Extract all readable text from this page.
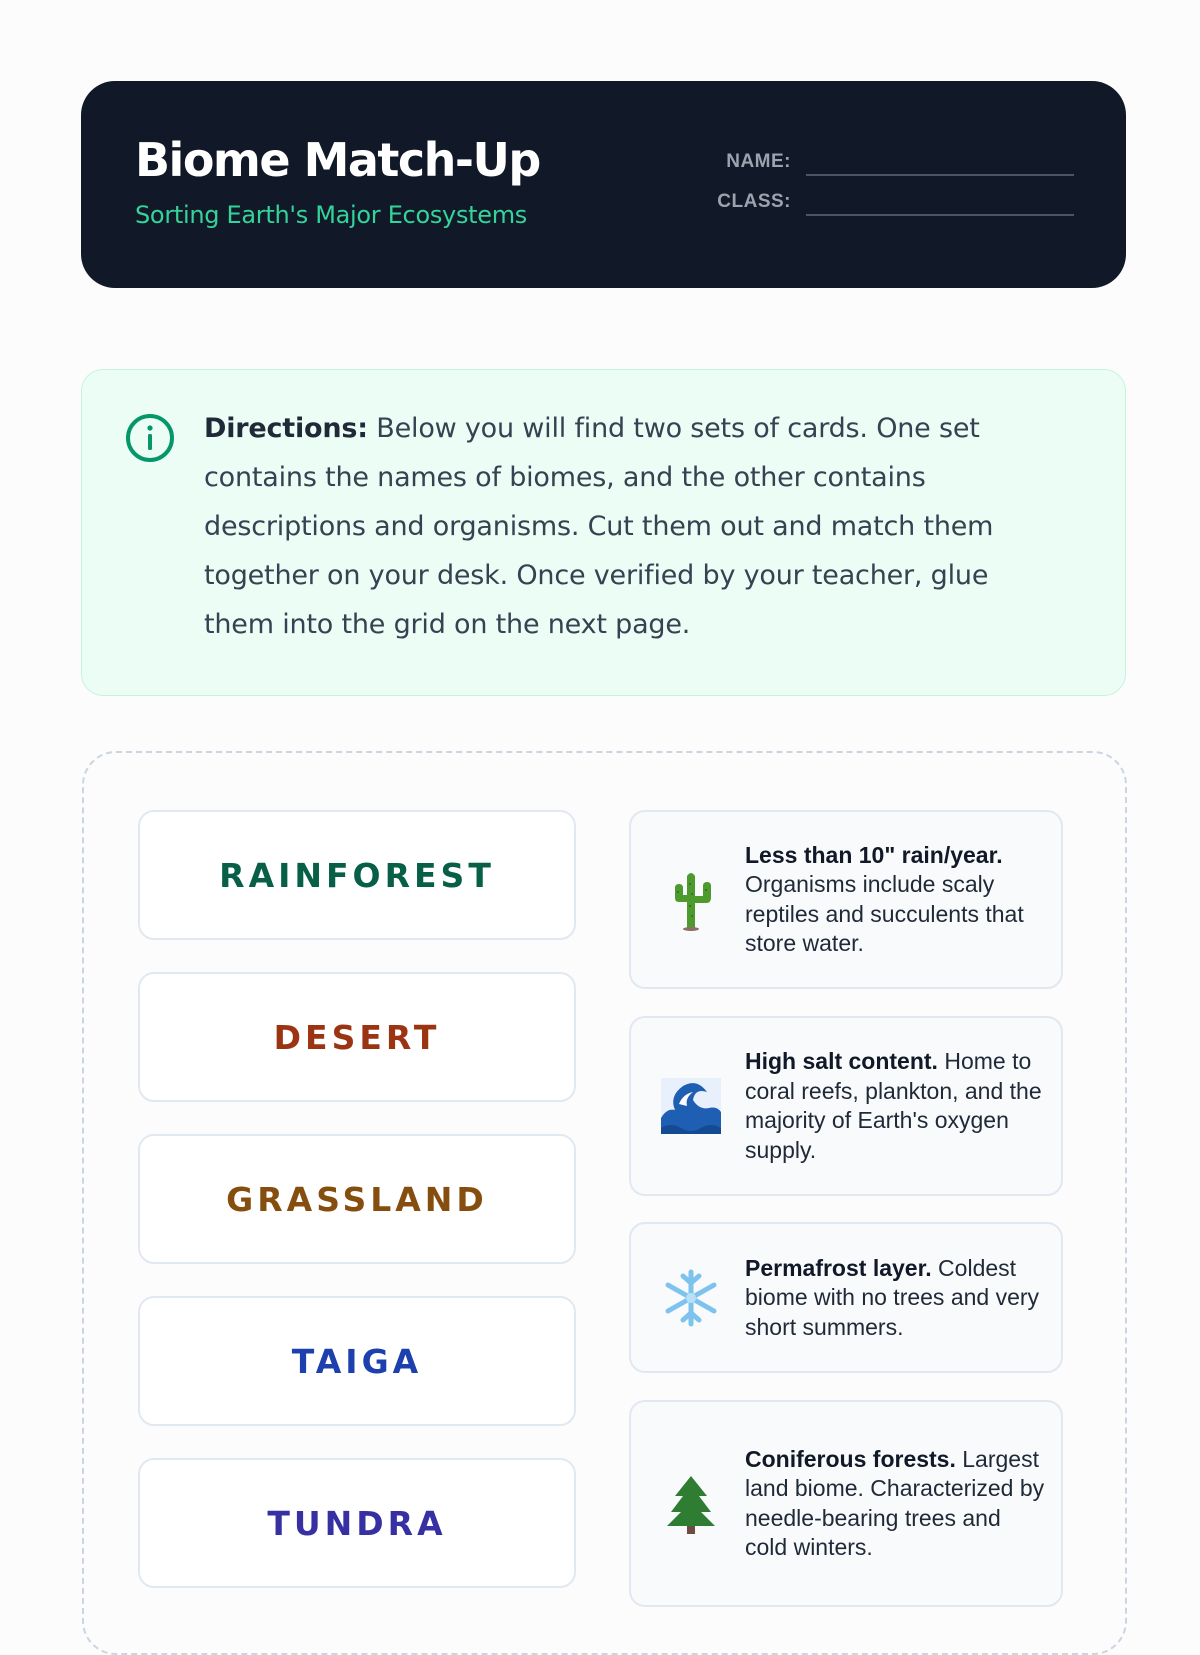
Biome Match-Up
Sorting Earth's Major Ecosystems
NAME:
CLASS:

Directions: Below you will find two sets of cards. One set contains the names of biomes, and the other contains descriptions and organisms. Cut them out and match them together on your desk. Once verified by your teacher, glue them into the grid on the next page.

RAINFOREST
DESERT
GRASSLAND
TAIGA
TUNDRA

Less than 10" rain/year. Organisms include scaly reptiles and succulents that store water.

High salt content. Home to coral reefs, plankton, and the majority of Earth's oxygen supply.

Permafrost layer. Coldest biome with no trees and very short summers.

Coniferous forests. Largest land biome. Characterized by needle-bearing trees and cold winters.
